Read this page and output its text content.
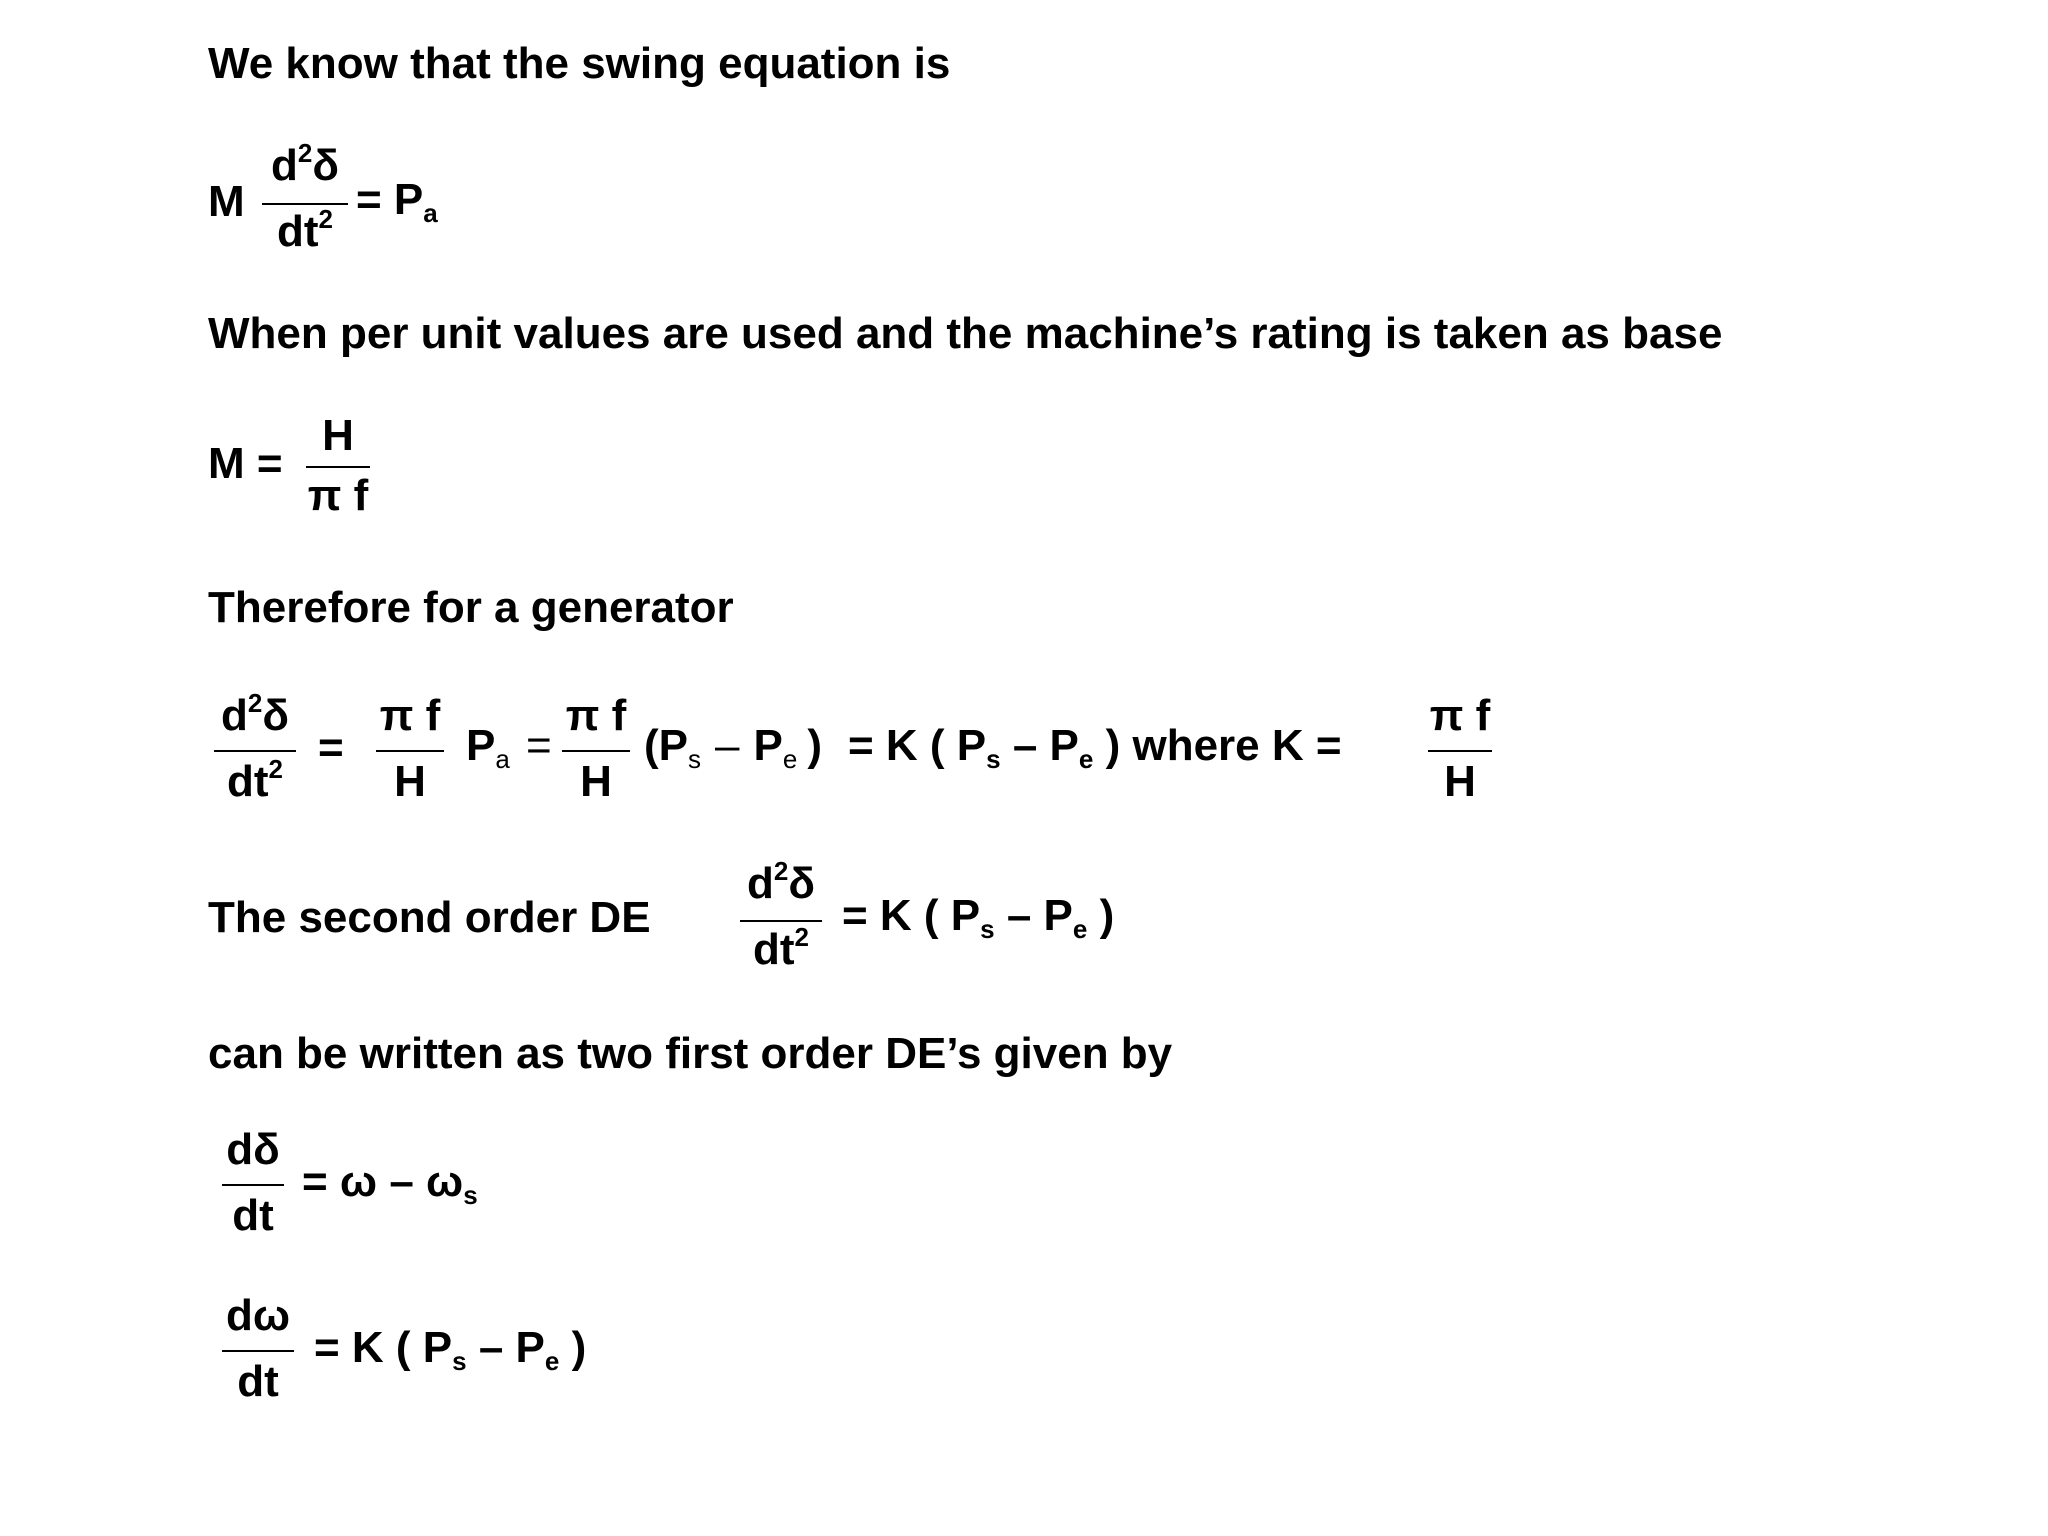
We know that the swing equation is
M
$d^2\delta$
$dt^2 = P_a$
When per unit values are used and the machine’s rating is taken as base
M =
H
π f
Therefore for a generator
$d^2\delta$
$dt^2$ =
π f
H
$P_a$ =
π f
H
($P_s - P_e$ ) = K ( $P_s - P_e$ ) where K =
π f
H
The second order DE
$d^2\delta$
$dt^2 = K$ ( $P_s - P_e$ )
can be written as two first order DE’s given by
dδ
dt
= ω – $\omega_s$
dω
dt
= K ( $P_s - P_e$ )
